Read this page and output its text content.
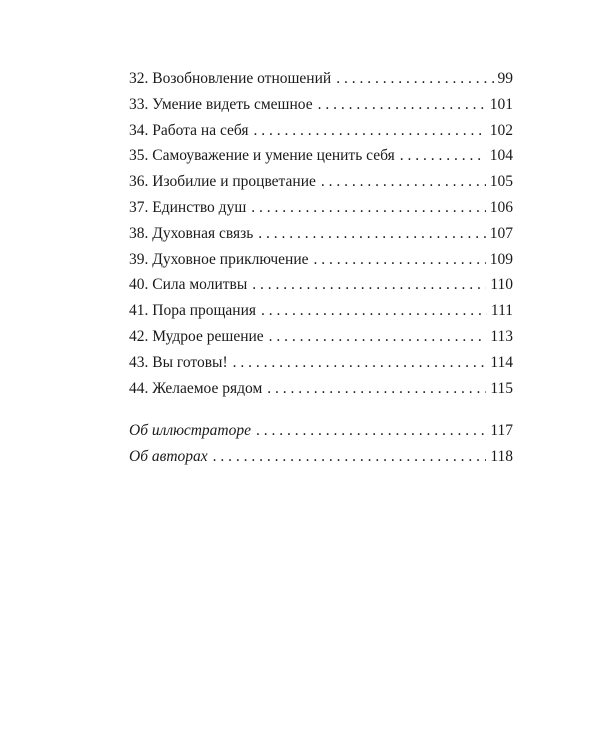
32. Возобновление отношений . . .	99
33. Умение видеть смешное . . .	101
34. Работа на себя . . .	102
35. Самоуважение и умение ценить себя . . .	104
36. Изобилие и процветание . . .	105
37. Единство душ . . .	106
38. Духовная связь . . .	107
39. Духовное приключение . . .	109
40. Сила молитвы . . .	110
41. Пора прощания . . .	111
42. Мудрое решение . . .	113
43. Вы готовы! . . .	114
44. Желаемое рядом . . .	115
Об иллюстраторе . . .	117
Об авторах . . .	118
